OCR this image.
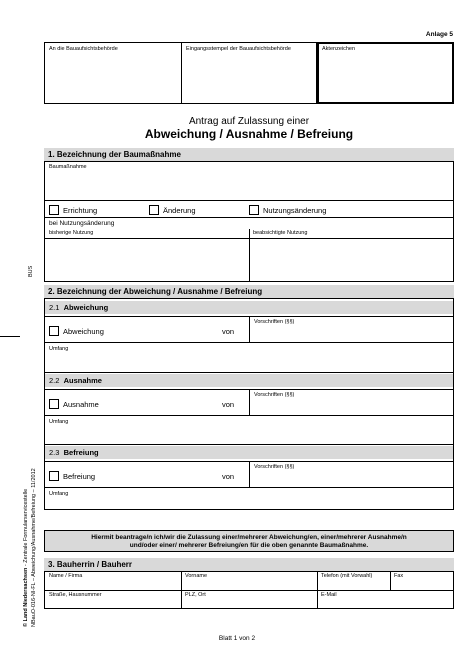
BUS
© Land Niedersachsen - Zentrale Formularservicestelle NBauO-016-NI-FL – Abweichung/Ausnahme/Befreiung – 11/2012
Anlage 5
An die Bauaufsichtsbehörde	Eingangsstempel der Bauaufsichtsbehörde	Aktenzeichen
Antrag auf Zulassung einer
Abweichung / Ausnahme / Befreiung
1. Bezeichnung der Baumaßnahme
Baumaßnahme
Errichtung	Änderung	Nutzungsänderung
bei Nutzungsänderung
bisherige Nutzung	beabsichtigte Nutzung
2. Bezeichnung der Abweichung / Ausnahme / Befreiung
2.1 Abweichung
Abweichung	von
Vorschriften (§§)
Umfang
2.2 Ausnahme
Ausnahme	von
Vorschriften (§§)
Umfang
2.3 Befreiung
Befreiung	von
Vorschriften (§§)
Umfang
Hiermit beantrage/n ich/wir die Zulassung einer/mehrerer Abweichung/en, einer/mehrerer Ausnahme/n
und/oder einer/ mehrerer Befreiung/en für die oben genannte Baumaßnahme.
3. Bauherrin / Bauherr
Name / Firma	Vorname	Telefon (mit Vorwahl)	Fax
Straße, Hausnummer	PLZ, Ort	E-Mail
Blatt 1 von 2
